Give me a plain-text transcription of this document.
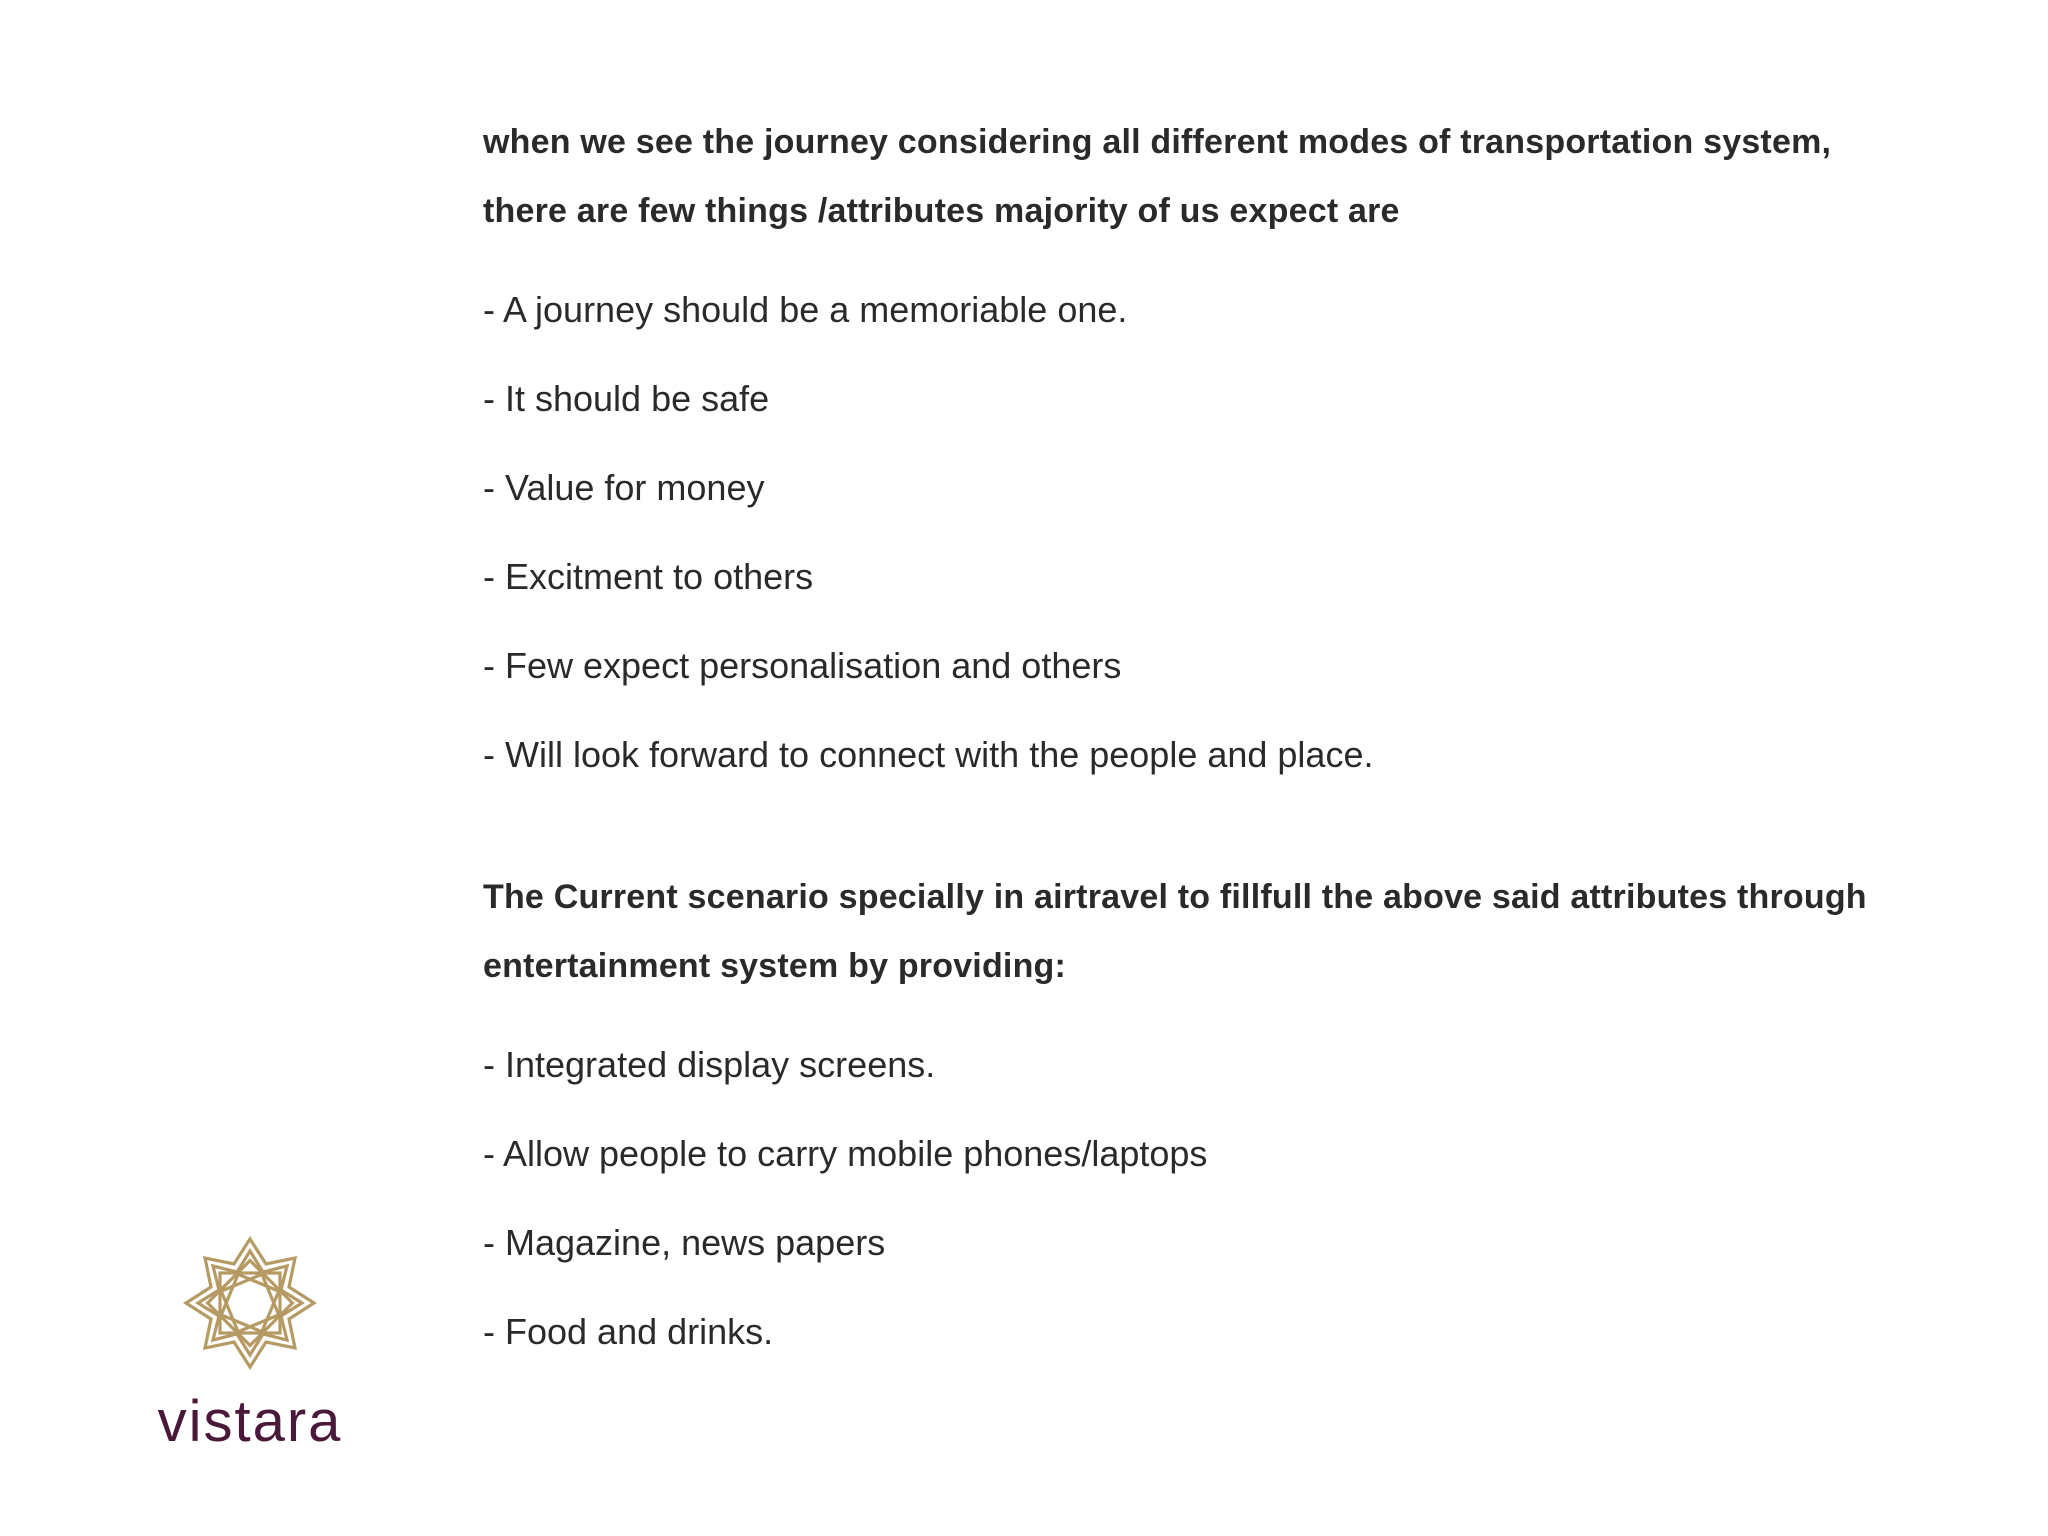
when we see the journey considering all different modes of transportation system,
there are few things /attributes majority of us expect are

- A journey should be a memoriable one.
- It should be safe
- Value for money
- Excitment to others
- Few expect personalisation and others
- Will look forward to connect with the people and place.

The Current scenario specially in airtravel to fillfull the above said attributes through
entertainment system by providing:

- Integrated display screens.
- Allow people to carry mobile phones/laptops
- Magazine, news papers
- Food and drinks.
vistara
